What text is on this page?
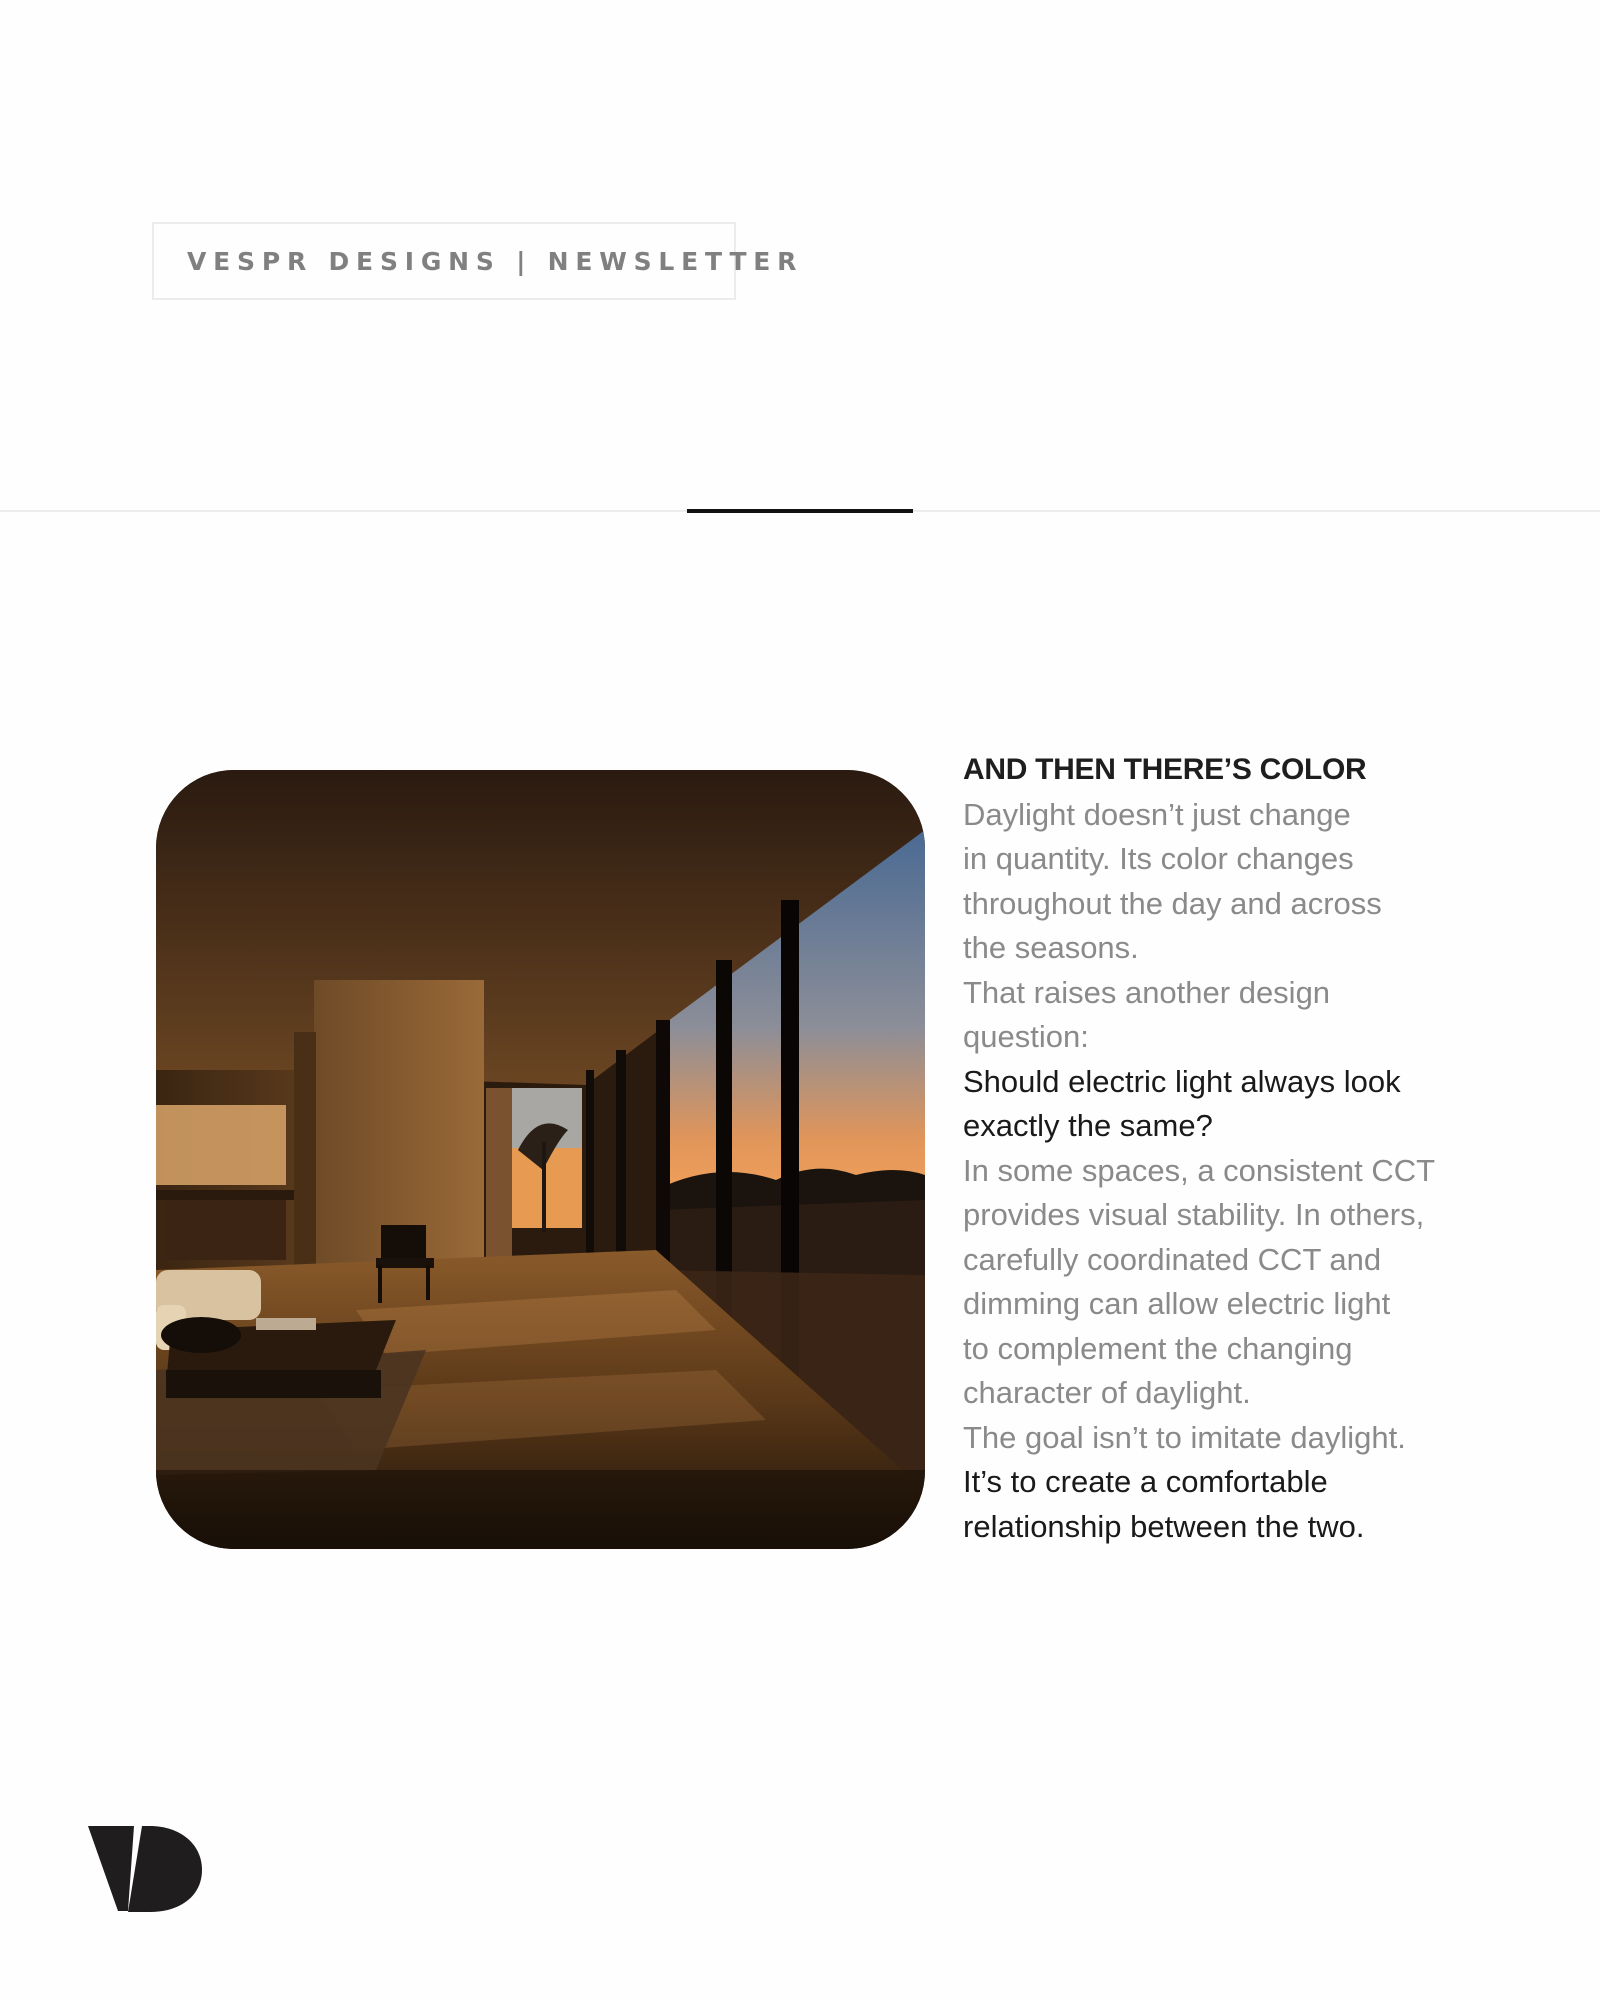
VESPR DESIGNS | NEWSLETTER
AND THEN THERE’S COLOR
Daylight doesn’t just change
in quantity. Its color changes
throughout the day and across
the seasons.
That raises another design
question:
Should electric light always look
exactly the same?
In some spaces, a consistent CCT
provides visual stability. In others,
carefully coordinated CCT and
dimming can allow electric light
to complement the changing
character of daylight.
The goal isn’t to imitate daylight.
It’s to create a comfortable
relationship between the two.
